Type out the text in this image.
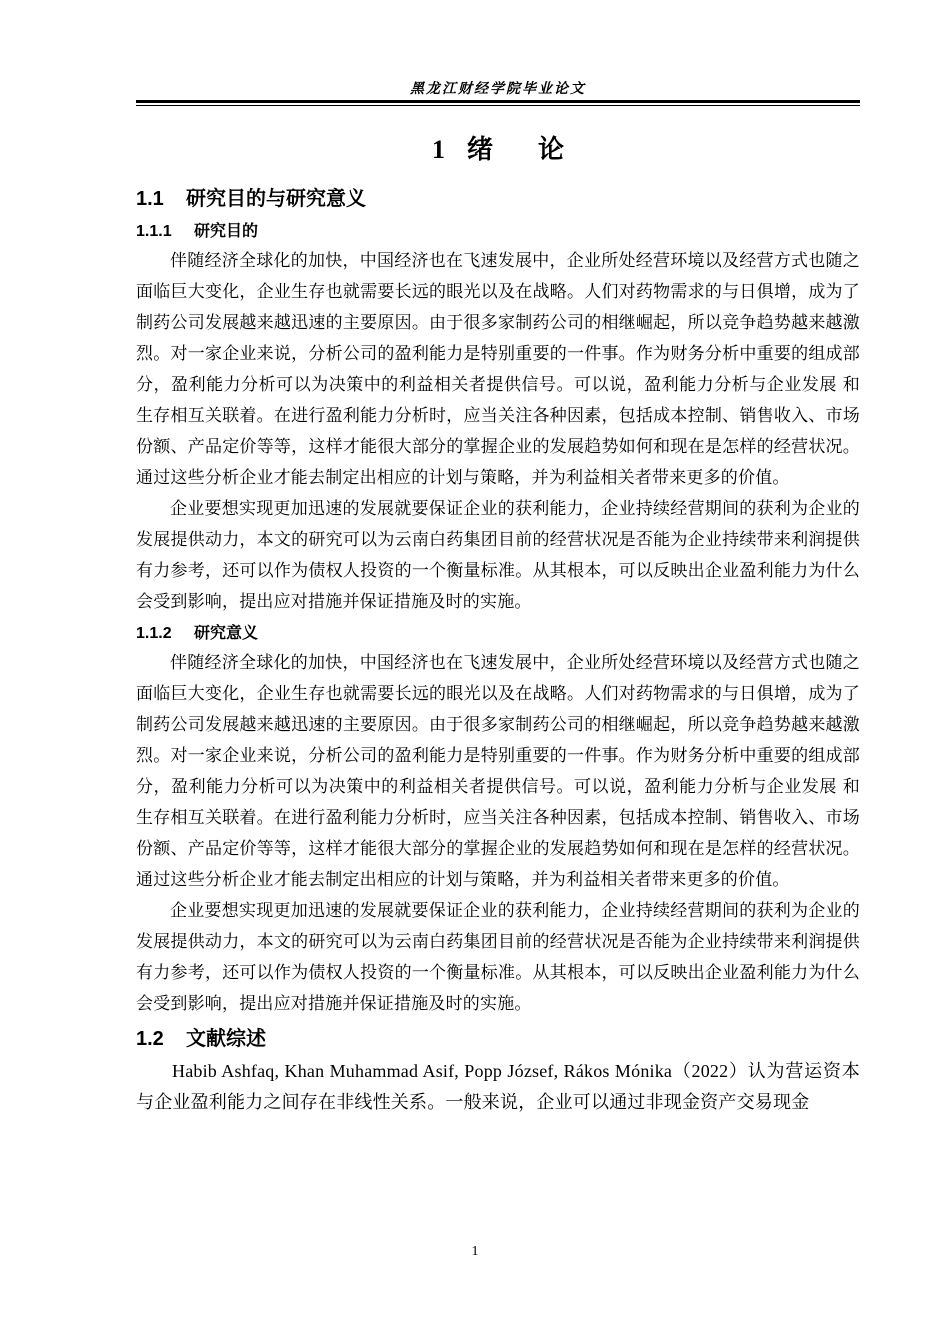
黑龙江财经学院毕业论文
1 绪论
1.1 研究目的与研究意义
1.1.1 研究目的

伴随经济全球化的加快，中国经济也在飞速发展中，企业所处经营环境以及经营方式也随之面临巨大变化，企业生存也就需要长远的眼光以及在战略。人们对药物需求的与日俱增，成为了制药公司发展越来越迅速的主要原因。由于很多家制药公司的相继崛起，所以竞争趋势越来越激烈。对一家企业来说，分析公司的盈利能力是特别重要的一件事。作为财务分析中重要的组成部分，盈利能力分析可以为决策中的利益相关者提供信号。可以说，盈利能力分析与企业发展 和生存相互关联着。在进行盈利能力分析时，应当关注各种因素，包括成本控制、销售收入、市场份额、产品定价等等，这样才能很大部分的掌握企业的发展趋势如何和现在是怎样的经营状况。通过这些分析企业才能去制定出相应的计划与策略，并为利益相关者带来更多的价值。

企业要想实现更加迅速的发展就要保证企业的获利能力，企业持续经营期间的获利为企业的发展提供动力，本文的研究可以为云南白药集团目前的经营状况是否能为企业持续带来利润提供有力参考，还可以作为债权人投资的一个衡量标准。从其根本，可以反映出企业盈利能力为什么会受到影响，提出应对措施并保证措施及时的实施。

1.1.2 研究意义

伴随经济全球化的加快，中国经济也在飞速发展中，企业所处经营环境以及经营方式也随之面临巨大变化，企业生存也就需要长远的眼光以及在战略。人们对药物需求的与日俱增，成为了制药公司发展越来越迅速的主要原因。由于很多家制药公司的相继崛起，所以竞争趋势越来越激烈。对一家企业来说，分析公司的盈利能力是特别重要的一件事。作为财务分析中重要的组成部分，盈利能力分析可以为决策中的利益相关者提供信号。可以说，盈利能力分析与企业发展 和生存相互关联着。在进行盈利能力分析时，应当关注各种因素，包括成本控制、销售收入、市场份额、产品定价等等，这样才能很大部分的掌握企业的发展趋势如何和现在是怎样的经营状况。通过这些分析企业才能去制定出相应的计划与策略，并为利益相关者带来更多的价值。

企业要想实现更加迅速的发展就要保证企业的获利能力，企业持续经营期间的获利为企业的发展提供动力，本文的研究可以为云南白药集团目前的经营状况是否能为企业持续带来利润提供有力参考，还可以作为债权人投资的一个衡量标准。从其根本，可以反映出企业盈利能力为什么会受到影响，提出应对措施并保证措施及时的实施。

1.2 文献综述

Habib Ashfaq, Khan Muhammad Asif, Popp József, Rákos Mónika（2022）认为营运资本与企业盈利能力之间存在非线性关系。一般来说，企业可以通过非现金资产交易现金

1
